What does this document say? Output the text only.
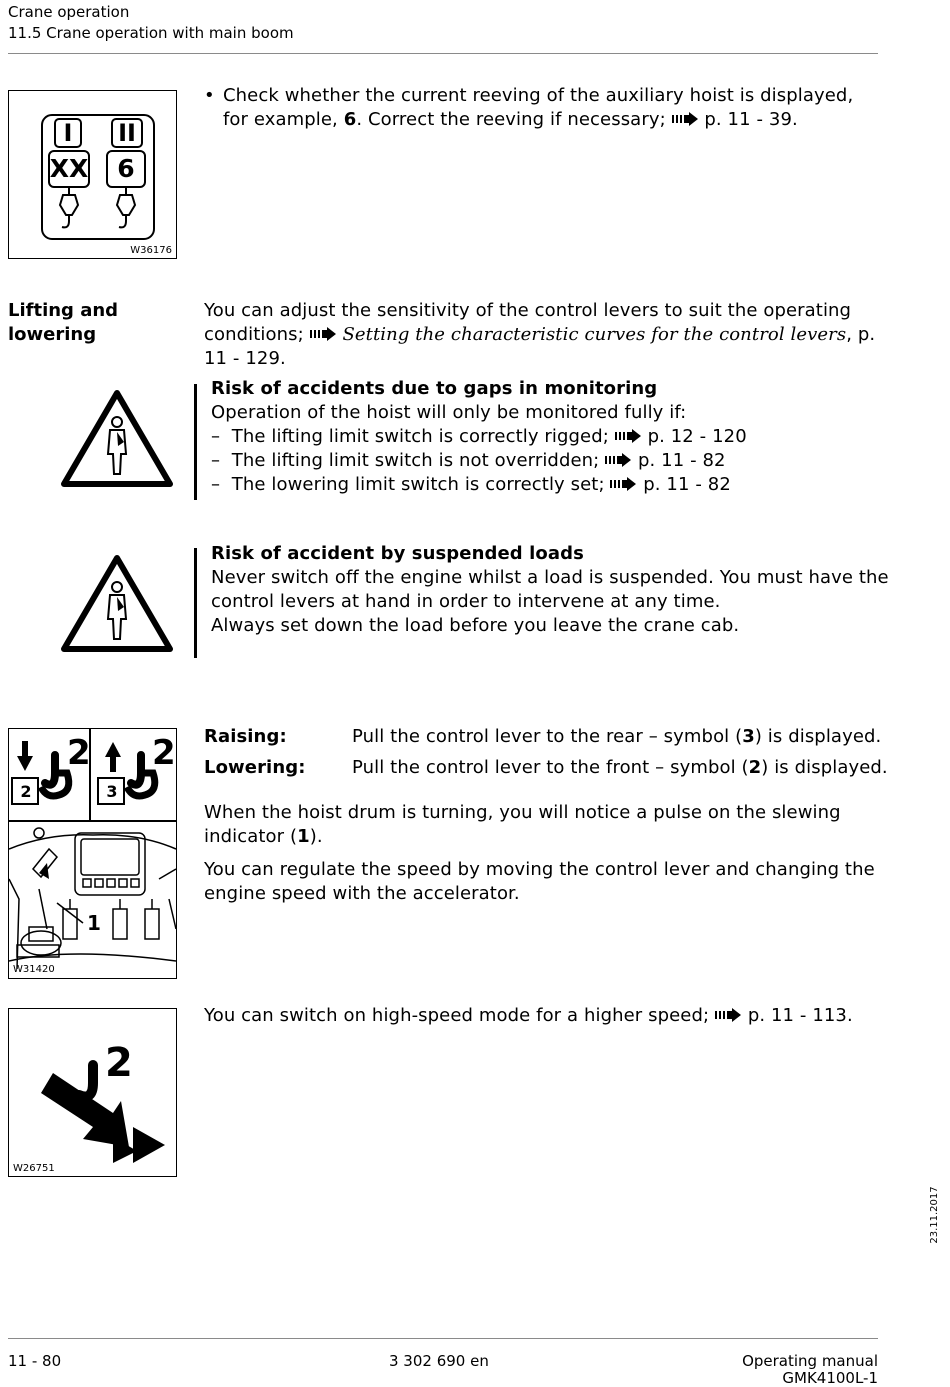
Crane operation
11.5 Crane operation with main boom
I	II
XX	6
W36176
• Check whether the current reeving of the auxiliary hoist is displayed,
for example, 6. Correct the reeving if necessary; p. 11 - 39.
Lifting and
lowering
You can adjust the sensitivity of the control levers to suit the operating
conditions; Setting the characteristic curves for the control levers, p. 11 - 129.
Risk of accidents due to gaps in monitoring
Operation of the hoist will only be monitored fully if:
– The lifting limit switch is correctly rigged; p. 12 - 120
– The lifting limit switch is not overridden; p. 11 - 82
– The lowering limit switch is correctly set; p. 11 - 82
Risk of accident by suspended loads
Never switch off the engine whilst a load is suspended. You must have the
control levers at hand in order to intervene at any time.
Always set down the load before you leave the crane cab.
2	3
2 2
1
W31420
Raising:	Pull the control lever to the rear – symbol (3) is displayed.
Lowering:	Pull the control lever to the front – symbol (2) is displayed.
When the hoist drum is turning, you will notice a pulse on the slewing
indicator (1).
You can regulate the speed by moving the control lever and changing the
engine speed with the accelerator.
2
W26751
You can switch on high-speed mode for a higher speed; p. 11 - 113.
23.11.2017
11 - 80	3 302 690 en	Operating manual
GMK4100L-1
